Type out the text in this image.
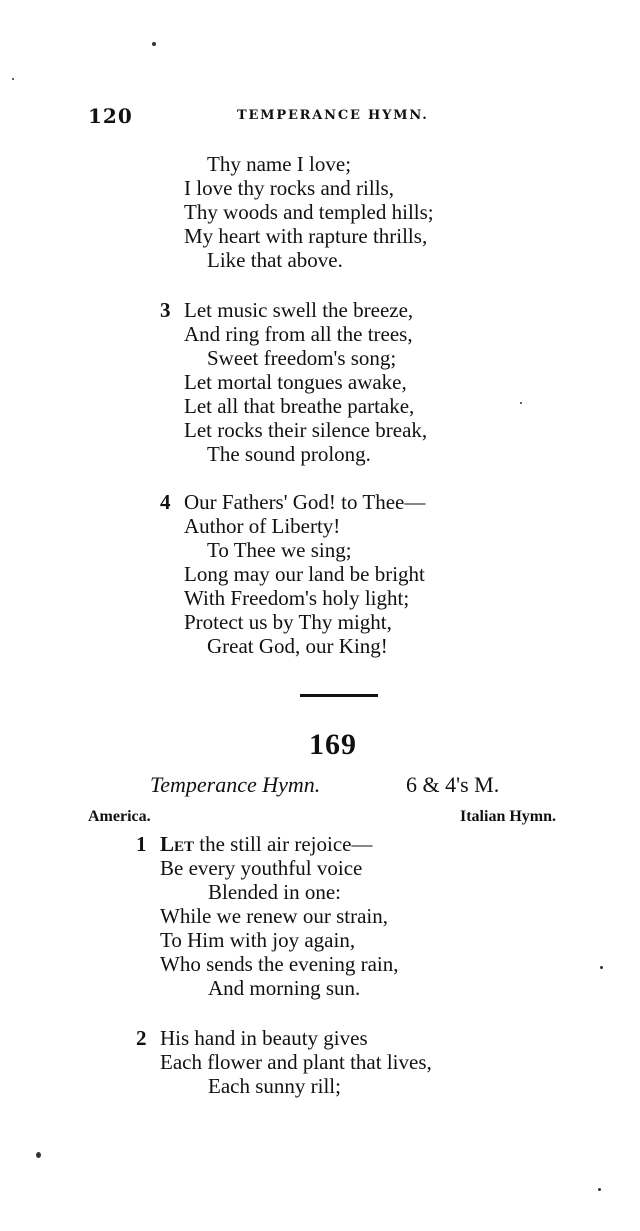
120	TEMPERANCE HYMN.
Thy name I love;
I love thy rocks and rills,
Thy woods and templed hills;
My heart with rapture thrills,
Like that above.
3 Let music swell the breeze,
And ring from all the trees,
Sweet freedom's song;
Let mortal tongues awake,
Let all that breathe partake,
Let rocks their silence break,
The sound prolong.
4 Our Fathers' God! to Thee—
Author of Liberty!
To Thee we sing;
Long may our land be bright
With Freedom's holy light;
Protect us by Thy might,
Great God, our King!
169
Temperance Hymn.	6 & 4's M.
America.	Italian Hymn.
1 Let the still air rejoice—
Be every youthful voice
Blended in one:
While we renew our strain,
To Him with joy again,
Who sends the evening rain,
And morning sun.
2 His hand in beauty gives
Each flower and plant that lives,
Each sunny rill;
